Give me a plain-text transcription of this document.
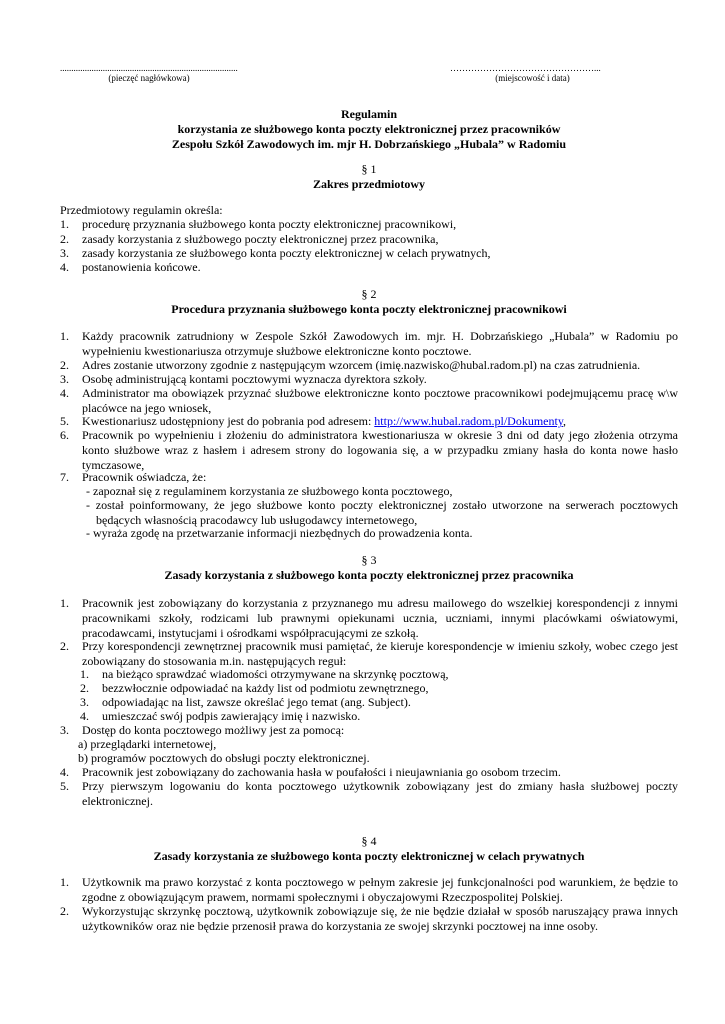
...............................................................................
(pieczęć nagłówkowa)
…………………………………………...
(miejscowość i data)
Regulamin
korzystania ze służbowego konta poczty elektronicznej przez pracowników
Zespołu Szkół Zawodowych im. mjr H. Dobrzańskiego „Hubala” w Radomiu
§ 1
Zakres przedmiotowy
Przedmiotowy regulamin określa:
1. procedurę przyznania służbowego konta poczty elektronicznej pracownikowi,
2. zasady korzystania z służbowego poczty elektronicznej przez pracownika,
3. zasady korzystania ze służbowego konta poczty elektronicznej w celach prywatnych,
4. postanowienia końcowe.
§ 2
Procedura przyznania służbowego konta poczty elektronicznej pracownikowi
1. Każdy pracownik zatrudniony w Zespole Szkół Zawodowych im. mjr. H. Dobrzańskiego „Hubala” w Radomiu po wypełnieniu kwestionariusza otrzymuje służbowe elektroniczne konto pocztowe.
2. Adres zostanie utworzony zgodnie z następującym wzorcem (imię.nazwisko@hubal.radom.pl) na czas zatrudnienia.
3. Osobę administrującą kontami pocztowymi wyznacza dyrektora szkoły.
4. Administrator ma obowiązek przyznać służbowe elektroniczne konto pocztowe pracownikowi podejmującemu pracę w\w placówce na jego wniosek,
5. Kwestionariusz udostępniony jest do pobrania pod adresem: http://www.hubal.radom.pl/Dokumenty,
6. Pracownik po wypełnieniu i złożeniu do administratora kwestionariusza w okresie 3 dni od daty jego złożenia otrzyma konto służbowe wraz z hasłem i adresem strony do logowania się, a w przypadku zmiany hasła do konta nowe hasło tymczasowe,
7. Pracownik oświadcza, że:
- zapoznał się z regulaminem korzystania ze służbowego konta pocztowego,
- został poinformowany, że jego służbowe konto poczty elektronicznej zostało utworzone na serwerach pocztowych będących własnością pracodawcy lub usługodawcy internetowego,
- wyraża zgodę na przetwarzanie informacji niezbędnych do prowadzenia konta.
§ 3
Zasady korzystania z służbowego konta poczty elektronicznej przez pracownika
1. Pracownik jest zobowiązany do korzystania z przyznanego mu adresu mailowego do wszelkiej korespondencji z innymi pracownikami szkoły, rodzicami lub prawnymi opiekunami ucznia, uczniami, innymi placówkami oświatowymi, pracodawcami, instytucjami i ośrodkami współpracującymi ze szkołą.
2. Przy korespondencji zewnętrznej pracownik musi pamiętać, że kieruje korespondencje w imieniu szkoły, wobec czego jest zobowiązany do stosowania m.in. następujących reguł:
1. na bieżąco sprawdzać wiadomości otrzymywane na skrzynkę pocztową,
2. bezzwłocznie odpowiadać na każdy list od podmiotu zewnętrznego,
3. odpowiadając na list, zawsze określać jego temat (ang. Subject).
4. umieszczać swój podpis zawierający imię i nazwisko.
3. Dostęp do konta pocztowego możliwy jest za pomocą:
a) przeglądarki internetowej,
b) programów pocztowych do obsługi poczty elektronicznej.
4. Pracownik jest zobowiązany do zachowania hasła w poufałości i nieujawniania go osobom trzecim.
5. Przy pierwszym logowaniu do konta pocztowego użytkownik zobowiązany jest do zmiany hasła służbowej poczty elektronicznej.
§ 4
Zasady korzystania ze służbowego konta poczty elektronicznej w celach prywatnych
1. Użytkownik ma prawo korzystać z konta pocztowego w pełnym zakresie jej funkcjonalności pod warunkiem, że będzie to zgodne z obowiązującym prawem, normami społecznymi i obyczajowymi Rzeczpospolitej Polskiej.
2. Wykorzystując skrzynkę pocztową, użytkownik zobowiązuje się, że nie będzie działał w sposób naruszający prawa innych użytkowników oraz nie będzie przenosił prawa do korzystania ze swojej skrzynki pocztowej na inne osoby.
